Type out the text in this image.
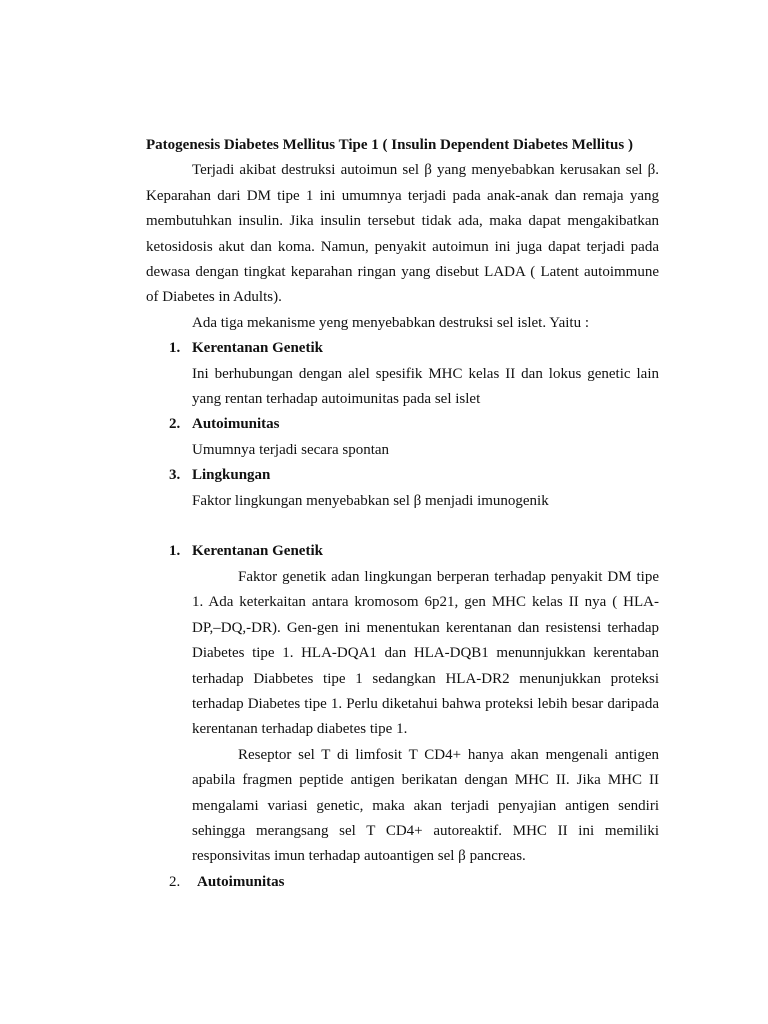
Patogenesis Diabetes Mellitus Tipe 1 ( Insulin Dependent Diabetes Mellitus )

Terjadi akibat destruksi autoimun sel β yang menyebabkan kerusakan sel β. Keparahan dari DM tipe 1 ini umumnya terjadi pada anak-anak dan remaja yang membutuhkan insulin. Jika insulin tersebut tidak ada, maka dapat mengakibatkan ketosidosis akut dan koma. Namun, penyakit autoimun ini juga dapat terjadi pada dewasa dengan tingkat keparahan ringan yang disebut LADA ( Latent autoimmune of Diabetes in Adults).

Ada tiga mekanisme yeng menyebabkan destruksi sel islet. Yaitu :

1. Kerentanan Genetik

Ini berhubungan dengan alel spesifik MHC kelas II dan lokus genetic lain yang rentan terhadap autoimunitas pada sel islet

2. Autoimunitas

Umumnya terjadi secara spontan

3. Lingkungan

Faktor lingkungan menyebabkan sel β menjadi imunogenik

1. Kerentanan Genetik

Faktor genetik adan lingkungan berperan terhadap penyakit DM tipe 1. Ada keterkaitan antara kromosom 6p21, gen MHC kelas II nya ( HLA-DP,–DQ,-DR). Gen-gen ini menentukan kerentanan dan resistensi terhadap Diabetes tipe 1. HLA-DQA1 dan HLA-DQB1 menunnjukkan kerentaban terhadap Diabbetes tipe 1 sedangkan HLA-DR2 menunjukkan proteksi terhadap Diabetes tipe 1. Perlu diketahui bahwa proteksi lebih besar daripada kerentanan terhadap diabetes tipe 1.

Reseptor sel T di limfosit T CD4+ hanya akan mengenali antigen apabila fragmen peptide antigen berikatan dengan MHC II. Jika MHC II mengalami variasi genetic, maka akan terjadi penyajian antigen sendiri sehingga merangsang sel T CD4+ autoreaktif. MHC II ini memiliki responsivitas imun terhadap autoantigen sel β pancreas.

2.	Autoimunitas
